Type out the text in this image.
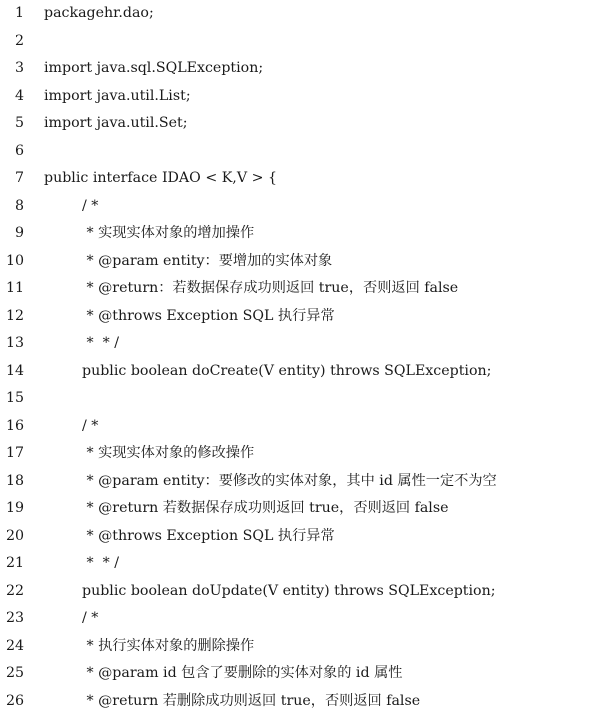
1 packagehr.dao;
2
3 import java.sql.SQLException;
4 import java.util.List;
5 import java.util.Set;
6
7 public interface IDAO < K,V > {
8	/ *
9	* 实现实体对象的增加操作
10	* @param entity：要增加的实体对象
11	* @return：若数据保存成功则返回 true，否则返回 false
12	* @throws Exception SQL 执行异常
13	*  * /
14	public boolean doCreate(V entity) throws SQLException;
15
16	/ *
17	* 实现实体对象的修改操作
18	* @param entity：要修改的实体对象，其中 id 属性一定不为空
19	* @return 若数据保存成功则返回 true，否则返回 false
20	* @throws Exception SQL 执行异常
21	*  * /
22	public boolean doUpdate(V entity) throws SQLException;
23	/ *
24	* 执行实体对象的删除操作
25	* @param id 包含了要删除的实体对象的 id 属性
26	* @return 若删除成功则返回 true，否则返回 false
